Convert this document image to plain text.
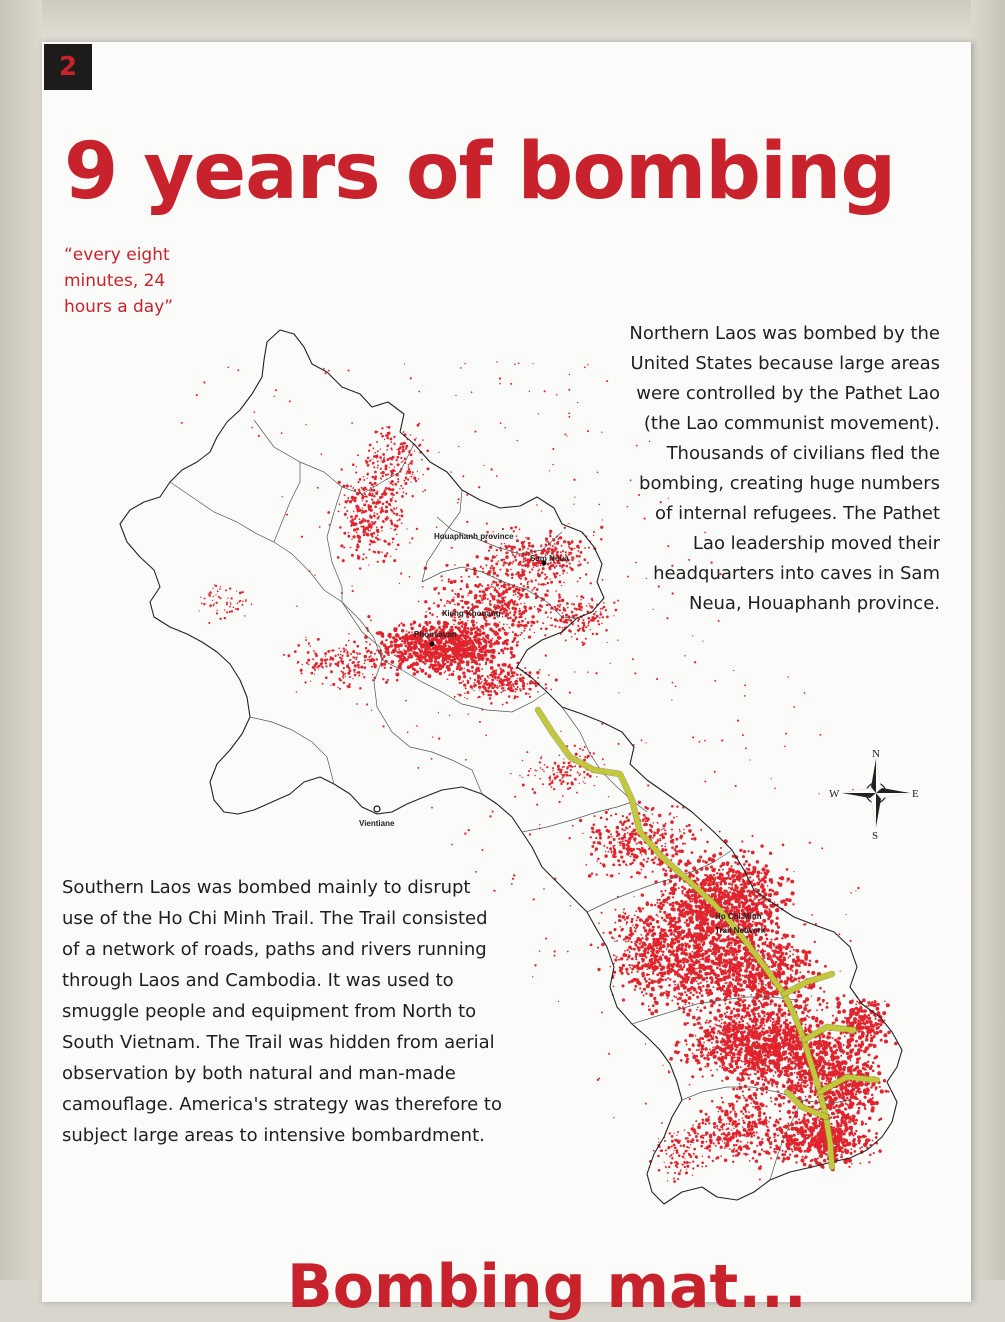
2
9 years of bombing
“every eight
minutes, 24
hours a day”
Houaphanh province
Sam Neua
Xieng Khouang
Phonsavan
Vientiane
Ho Chi Minh
Trail Network
N
E
S
W
Northern Laos was bombed by the United States because large areas were controlled by the Pathet Lao (the Lao communist movement). Thousands of civilians fled the bombing, creating huge numbers of internal refugees. The Pathet Lao leadership moved their headquarters into caves in Sam Neua, Houaphanh province.
Southern Laos was bombed mainly to disrupt use of the Ho Chi Minh Trail. The Trail consisted of a network of roads, paths and rivers running through Laos and Cambodia. It was used to smuggle people and equipment from North to South Vietnam. The Trail was hidden from aerial observation by both natural and man-made camouflage. America's strategy was therefore to subject large areas to intensive bombardment.
Bombing mat...
